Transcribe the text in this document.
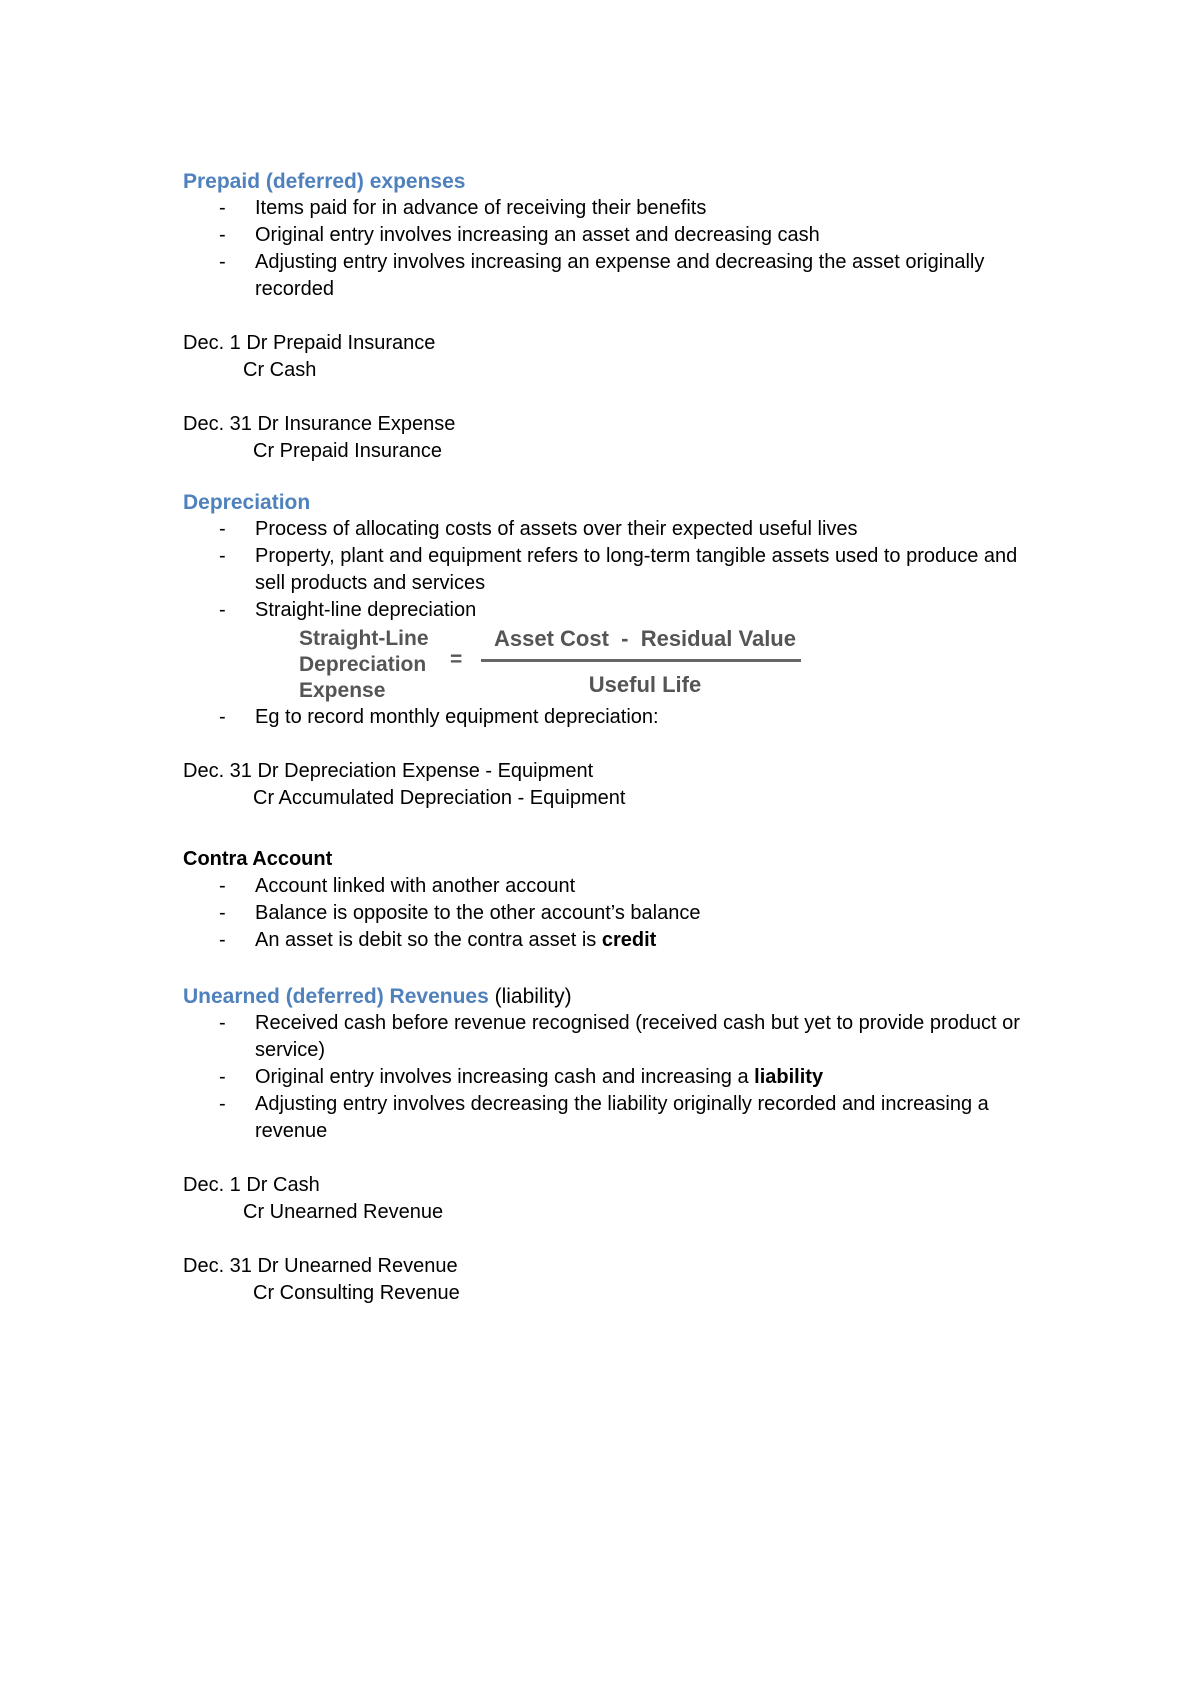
Prepaid (deferred) expenses
- Items paid for in advance of receiving their benefits
- Original entry involves increasing an asset and decreasing cash
- Adjusting entry involves increasing an expense and decreasing the asset originally recorded
Dec. 1 Dr Prepaid Insurance
Cr Cash
Dec. 31 Dr Insurance Expense
Cr Prepaid Insurance
Depreciation
- Process of allocating costs of assets over their expected useful lives
- Property, plant and equipment refers to long-term tangible assets used to produce and sell products and services
- Straight-line depreciation
Straight-Line
Depreciation
Expense
=
Asset Cost  -  Residual Value
Useful Life
- Eg to record monthly equipment depreciation:
Dec. 31 Dr Depreciation Expense - Equipment
Cr Accumulated Depreciation - Equipment
Contra Account
- Account linked with another account
- Balance is opposite to the other account’s balance
- An asset is debit so the contra asset is credit
Unearned (deferred) Revenues (liability)
- Received cash before revenue recognised (received cash but yet to provide product or service)
- Original entry involves increasing cash and increasing a liability
- Adjusting entry involves decreasing the liability originally recorded and increasing a revenue
Dec. 1 Dr Cash
Cr Unearned Revenue
Dec. 31 Dr Unearned Revenue
Cr Consulting Revenue
